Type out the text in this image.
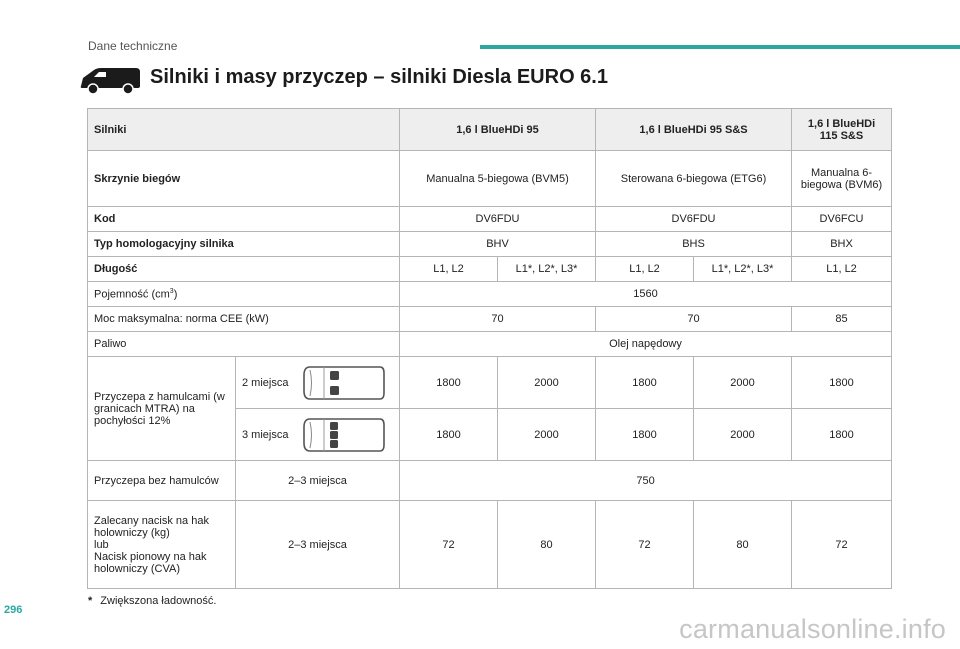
Dane techniczne
Silniki i masy przyczep – silniki Diesla EURO 6.1
Silniki		1,6 l BlueHDi 95		1,6 l BlueHDi 95 S&S		1,6 l BlueHDi 115 S&S
Skrzynie biegów		Manualna 5-biegowa (BVM5)		Sterowana 6-biegowa (ETG6)		Manualna 6-biegowa (BVM6)
Kod		DV6FDU		DV6FDU		DV6FCU
Typ homologacyjny silnika		BHV		BHS		BHX
Długość		L1, L2	L1*, L2*, L3*	L1, L2	L1*, L2*, L3*	L1, L2
Pojemność $(cm^3)$		1560				
Moc maksymalna: norma CEE (kW)		70		70		85
Paliwo		Olej napędowy				
Przyczepa z hamulcami (w granicach MTRA) na pochyłości 12%	2 miejsca	1800	2000	1800	2000	1800
	3 miejsca	1800	2000	1800	2000	1800
Przyczepa bez hamulców	2–3 miejsca	750				
Zalecany nacisk na hak
holowniczy (kg)
lub
Nacisk pionowy na hak
holowniczy (CVA)	2–3 miejsca	72	80	72	80	72
* Zwiększona ładowność.
296
carmanualsonline.info
